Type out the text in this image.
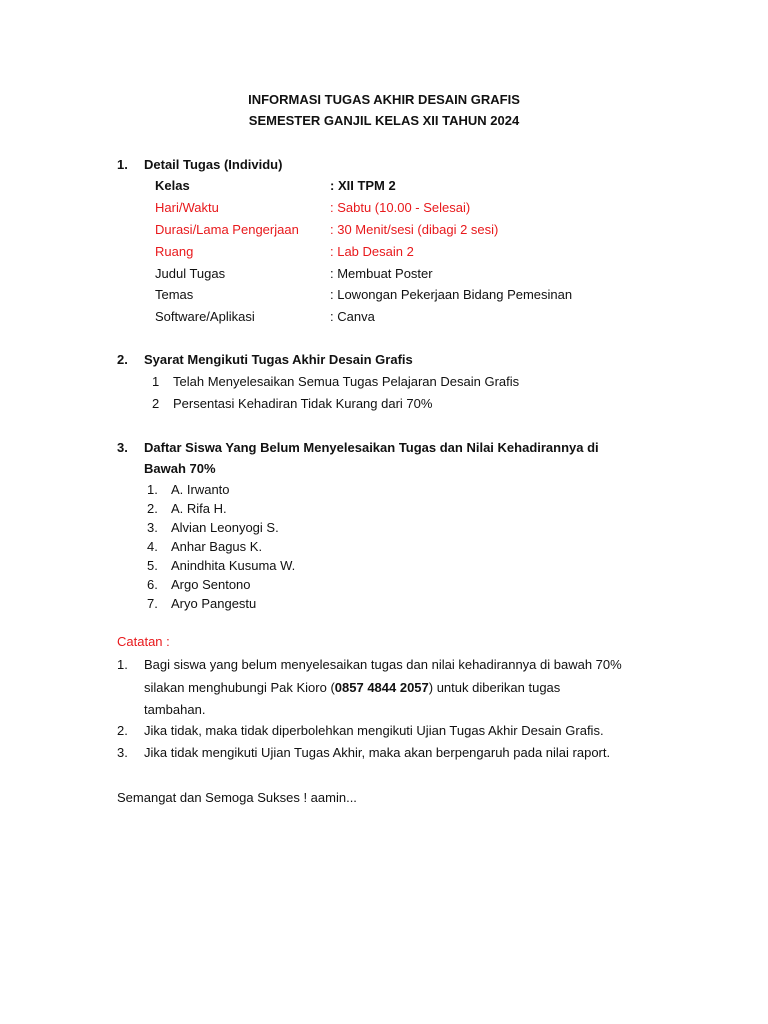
INFORMASI TUGAS AKHIR DESAIN GRAFIS
SEMESTER GANJIL KELAS XII TAHUN 2024
1. Detail Tugas (Individu)
Kelas	: XII TPM 2
Hari/Waktu	: Sabtu (10.00 - Selesai)
Durasi/Lama Pengerjaan : 30 Menit/sesi (dibagi 2 sesi)
Ruang	: Lab Desain 2
Judul Tugas	: Membuat Poster
Temas	: Lowongan Pekerjaan Bidang Pemesinan
Software/Aplikasi	: Canva
2. Syarat Mengikuti Tugas Akhir Desain Grafis
1 Telah Menyelesaikan Semua Tugas Pelajaran Desain Grafis
2 Persentasi Kehadiran Tidak Kurang dari 70%
3. Daftar Siswa Yang Belum Menyelesaikan Tugas dan Nilai Kehadirannya di
Bawah 70%
1. A. Irwanto
2. A. Rifa H.
3. Alvian Leonyogi S.
4. Anhar Bagus K.
5. Anindhita Kusuma W.
6. Argo Sentono
7. Aryo Pangestu
Catatan :
1. Bagi siswa yang belum menyelesaikan tugas dan nilai kehadirannya di bawah 70%
silakan menghubungi Pak Kioro (0857 4844 2057) untuk diberikan tugas
tambahan.
2. Jika tidak, maka tidak diperbolehkan mengikuti Ujian Tugas Akhir Desain Grafis.
3. Jika tidak mengikuti Ujian Tugas Akhir, maka akan berpengaruh pada nilai raport.
Semangat dan Semoga Sukses ! aamin...
